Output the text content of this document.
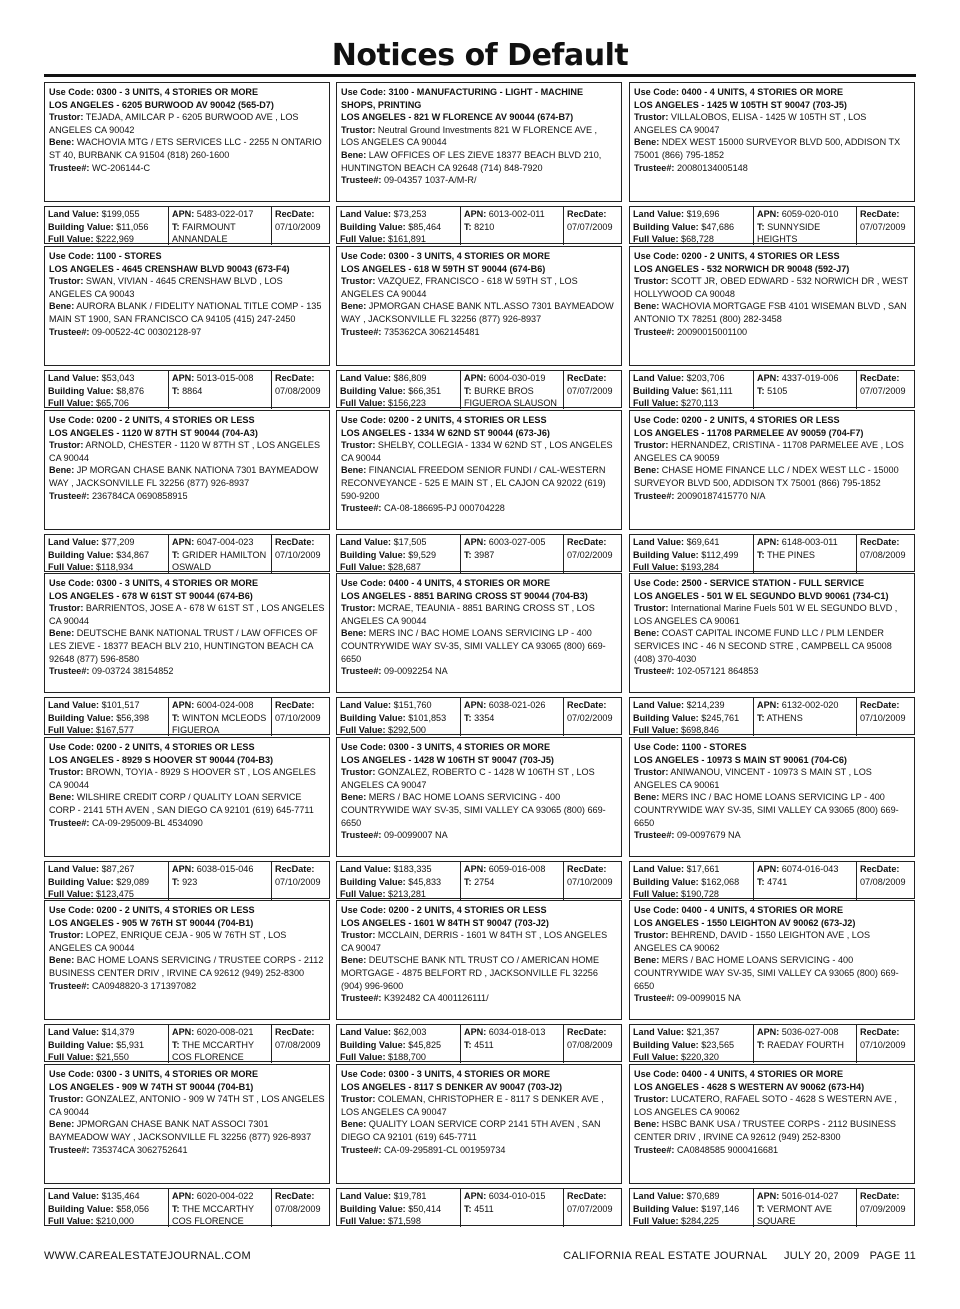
Notices of Default
Use Code: 0300 - 3 UNITS, 4 STORIES OR MORE
LOS ANGELES - 6205 BURWOOD AV 90042 (565-D7)
Trustor: TEJADA, AMILCAR P - 6205 BURWOOD AVE , LOS ANGELES CA 90042
Bene: WACHOVIA MTG / ETS SERVICES LLC - 2255 N ONTARIO ST 40, BURBANK CA 91504 (818) 260-1600
Trustee#: WC-206144-C
Land Value: $199,055
Building Value: $11,056
Full Value: $222,969
APN: 5483-022-017
T: FAIRMOUNT ANNANDALE
RecDate:
07/10/2009
Use Code: 1100 - STORES
LOS ANGELES - 4645 CRENSHAW BLVD 90043 (673-F4)
Trustor: SWAN, VIVIAN - 4645 CRENSHAW BLVD , LOS ANGELES CA 90043
Bene: AURORA BLANK / FIDELITY NATIONAL TITLE COMP - 135 MAIN ST 1900, SAN FRANCISCO CA 94105 (415) 247-2450
Trustee#: 09-00522-4C 00302128-97
Land Value: $53,043
Building Value: $8,876
Full Value: $65,706
APN: 5013-015-008
T: 8864
RecDate:
07/08/2009
Use Code: 0200 - 2 UNITS, 4 STORIES OR LESS
LOS ANGELES - 1120 W 87TH ST 90044 (704-A3)
Trustor: ARNOLD, CHESTER - 1120 W 87TH ST , LOS ANGELES CA 90044
Bene: JP MORGAN CHASE BANK NATIONA 7301 BAYMEADOW WAY , JACKSONVILLE FL 32256 (877) 926-8937
Trustee#: 236784CA 0690858915
Land Value: $77,209
Building Value: $34,867
Full Value: $118,934
APN: 6047-004-023
T: GRIDER HAMILTON OSWALD
RecDate:
07/10/2009
Use Code: 0300 - 3 UNITS, 4 STORIES OR MORE
LOS ANGELES - 678 W 61ST ST 90044 (674-B6)
Trustor: BARRIENTOS, JOSE A - 678 W 61ST ST , LOS ANGELES CA 90044
Bene: DEUTSCHE BANK NATIONAL TRUST / LAW OFFICES OF LES ZIEVE - 18377 BEACH BLV 210, HUNTINGTON BEACH CA 92648 (877) 596-8580
Trustee#: 09-03724 38154852
Land Value: $101,517
Building Value: $56,398
Full Value: $167,577
APN: 6004-024-008
T: WINTON MCLEODS FIGUEROA
RecDate:
07/10/2009
Use Code: 0200 - 2 UNITS, 4 STORIES OR LESS
LOS ANGELES - 8929 S HOOVER ST 90044 (704-B3)
Trustor: BROWN, TOYIA - 8929 S HOOVER ST , LOS ANGELES CA 90044
Bene: WILSHIRE CREDIT CORP / QUALITY LOAN SERVICE CORP - 2141 5TH AVEN , SAN DIEGO CA 92101 (619) 645-7711
Trustee#: CA-09-295009-BL 4534090
Land Value: $87,267
Building Value: $29,089
Full Value: $123,475
APN: 6038-015-046
T: 923
RecDate:
07/10/2009
Use Code: 0200 - 2 UNITS, 4 STORIES OR LESS
LOS ANGELES - 905 W 76TH ST 90044 (704-B1)
Trustor: LOPEZ, ENRIQUE CEJA - 905 W 76TH ST , LOS ANGELES CA 90044
Bene: BAC HOME LOANS SERVICING / TRUSTEE CORPS - 2112 BUSINESS CENTER DRIV , IRVINE CA 92612 (949) 252-8300
Trustee#: CA0948820-3 171397082
Land Value: $14,379
Building Value: $5,931
Full Value: $21,550
APN: 6020-008-021
T: THE MCCARTHY COS FLORENCE
RecDate:
07/08/2009
Use Code: 0300 - 3 UNITS, 4 STORIES OR MORE
LOS ANGELES - 909 W 74TH ST 90044 (704-B1)
Trustor: GONZALEZ, ANTONIO - 909 W 74TH ST , LOS ANGELES CA 90044
Bene: JPMORGAN CHASE BANK NAT ASSOCI 7301 BAYMEADOW WAY , JACKSONVILLE FL 32256 (877) 926-8937
Trustee#: 735374CA 3062752641
Land Value: $135,464
Building Value: $58,056
Full Value: $210,000
APN: 6020-004-022
T: THE MCCARTHY COS FLORENCE
RecDate:
07/08/2009
Use Code: 3100 - MANUFACTURING - LIGHT - MACHINE SHOPS, PRINTING
LOS ANGELES - 821 W FLORENCE AV 90044 (674-B7)
Trustor: Neutral Ground Investments 821 W FLORENCE AVE , LOS ANGELES CA 90044
Bene: LAW OFFICES OF LES ZIEVE 18377 BEACH BLVD 210, HUNTINGTON BEACH CA 92648 (714) 848-7920
Trustee#: 09-04357 1037-A/M-R/
Land Value: $73,253
Building Value: $85,464
Full Value: $161,891
APN: 6013-002-011
T: 8210
RecDate:
07/07/2009
Use Code: 0300 - 3 UNITS, 4 STORIES OR MORE
LOS ANGELES - 618 W 59TH ST 90044 (674-B6)
Trustor: VAZQUEZ, FRANCISCO - 618 W 59TH ST , LOS ANGELES CA 90044
Bene: JPMORGAN CHASE BANK NTL.ASSO 7301 BAYMEADOW WAY , JACKSONVILLE FL 32256 (877) 926-8937
Trustee#: 735362CA 3062145481
Land Value: $86,809
Building Value: $66,351
Full Value: $156,223
APN: 6004-030-019
T: BURKE BROS FIGUEROA SLAUSON
RecDate:
07/07/2009
Use Code: 0200 - 2 UNITS, 4 STORIES OR LESS
LOS ANGELES - 1334 W 62ND ST 90044 (673-J6)
Trustor: SHELBY, COLLEGIA - 1334 W 62ND ST , LOS ANGELES CA 90044
Bene: FINANCIAL FREEDOM SENIOR FUNDI / CAL-WESTERN RECONVEYANCE - 525 E MAIN ST , EL CAJON CA 92022 (619) 590-9200
Trustee#: CA-08-186695-PJ 000704228
Land Value: $17,505
Building Value: $9,529
Full Value: $28,687
APN: 6003-027-005
T: 3987
RecDate:
07/02/2009
Use Code: 0400 - 4 UNITS, 4 STORIES OR MORE
LOS ANGELES - 8851 BARING CROSS ST 90044 (704-B3)
Trustor: MCRAE, TEAUNIA - 8851 BARING CROSS ST , LOS ANGELES CA 90044
Bene: MERS INC / BAC HOME LOANS SERVICING LP - 400 COUNTRYWIDE WAY SV-35, SIMI VALLEY CA 93065 (800) 669-6650
Trustee#: 09-0092254 NA
Land Value: $151,760
Building Value: $101,853
Full Value: $292,500
APN: 6038-021-026
T: 3354
RecDate:
07/02/2009
Use Code: 0300 - 3 UNITS, 4 STORIES OR MORE
LOS ANGELES - 1428 W 106TH ST 90047 (703-J5)
Trustor: GONZALEZ, ROBERTO C - 1428 W 106TH ST , LOS ANGELES CA 90047
Bene: MERS / BAC HOME LOANS SERVICING - 400 COUNTRYWIDE WAY SV-35, SIMI VALLEY CA 93065 (800) 669-6650
Trustee#: 09-0099007 NA
Land Value: $183,335
Building Value: $45,833
Full Value: $213,281
APN: 6059-016-008
T: 2754
RecDate:
07/10/2009
Use Code: 0200 - 2 UNITS, 4 STORIES OR LESS
LOS ANGELES - 1601 W 84TH ST 90047 (703-J2)
Trustor: MCCLAIN, DERRIS - 1601 W 84TH ST , LOS ANGELES CA 90047
Bene: DEUTSCHE BANK NTL TRUST CO / AMERICAN HOME MORTGAGE - 4875 BELFORT RD , JACKSONVILLE FL 32256 (904) 996-9600
Trustee#: K392482 CA 4001126111/
Land Value: $62,003
Building Value: $45,825
Full Value: $188,700
APN: 6034-018-013
T: 4511
RecDate:
07/08/2009
Use Code: 0300 - 3 UNITS, 4 STORIES OR MORE
LOS ANGELES - 8117 S DENKER AV 90047 (703-J2)
Trustor: COLEMAN, CHRISTOPHER E - 8117 S DENKER AVE , LOS ANGELES CA 90047
Bene: QUALITY LOAN SERVICE CORP 2141 5TH AVEN , SAN DIEGO CA 92101 (619) 645-7711
Trustee#: CA-09-295891-CL 001959734
Land Value: $19,781
Building Value: $50,414
Full Value: $71,598
APN: 6034-010-015
T: 4511
RecDate:
07/07/2009
Use Code: 0400 - 4 UNITS, 4 STORIES OR MORE
LOS ANGELES - 1425 W 105TH ST 90047 (703-J5)
Trustor: VILLALOBOS, ELISA - 1425 W 105TH ST , LOS ANGELES CA 90047
Bene: NDEX WEST 15000 SURVEYOR BLVD 500, ADDISON TX 75001 (866) 795-1852
Trustee#: 20080134005148
Land Value: $19,696
Building Value: $47,686
Full Value: $68,728
APN: 6059-020-010
T: SUNNYSIDE HEIGHTS
RecDate:
07/07/2009
Use Code: 0200 - 2 UNITS, 4 STORIES OR LESS
LOS ANGELES - 532 NORWICH DR 90048 (592-J7)
Trustor: SCOTT JR, OBED EDWARD - 532 NORWICH DR , WEST HOLLYWOOD CA 90048
Bene: WACHOVIA MORTGAGE FSB 4101 WISEMAN BLVD , SAN ANTONIO TX 78251 (800) 282-3458
Trustee#: 20090015001100
Land Value: $203,706
Building Value: $61,111
Full Value: $270,113
APN: 4337-019-006
T: 5105
RecDate:
07/07/2009
Use Code: 0200 - 2 UNITS, 4 STORIES OR LESS
LOS ANGELES - 11708 PARMELEE AV 90059 (704-F7)
Trustor: HERNANDEZ, CRISTINA - 11708 PARMELEE AVE , LOS ANGELES CA 90059
Bene: CHASE HOME FINANCE LLC / NDEX WEST LLC - 15000 SURVEYOR BLVD 500, ADDISON TX 75001 (866) 795-1852
Trustee#: 20090187415770 N/A
Land Value: $69,641
Building Value: $112,499
Full Value: $193,284
APN: 6148-003-011
T: THE PINES
RecDate:
07/08/2009
Use Code: 2500 - SERVICE STATION - FULL SERVICE
LOS ANGELES - 501 W EL SEGUNDO BLVD 90061 (734-C1)
Trustor: International Marine Fuels 501 W EL SEGUNDO BLVD , LOS ANGELES CA 90061
Bene: COAST CAPITAL INCOME FUND LLC / PLM LENDER SERVICES INC - 46 N SECOND STRE , CAMPBELL CA 95008 (408) 370-4030
Trustee#: 102-057121 864853
Land Value: $214,239
Building Value: $245,761
Full Value: $698,846
APN: 6132-002-020
T: ATHENS
RecDate:
07/10/2009
Use Code: 1100 - STORES
LOS ANGELES - 10973 S MAIN ST 90061 (704-C6)
Trustor: ANIWANOU, VINCENT - 10973 S MAIN ST , LOS ANGELES CA 90061
Bene: MERS INC / BAC HOME LOANS SERVICING LP - 400 COUNTRYWIDE WAY SV-35, SIMI VALLEY CA 93065 (800) 669-6650
Trustee#: 09-0097679 NA
Land Value: $17,661
Building Value: $162,068
Full Value: $190,728
APN: 6074-016-043
T: 4741
RecDate:
07/08/2009
Use Code: 0400 - 4 UNITS, 4 STORIES OR MORE
LOS ANGELES - 1550 LEIGHTON AV 90062 (673-J2)
Trustor: BEHREND, DAVID - 1550 LEIGHTON AVE , LOS ANGELES CA 90062
Bene: MERS / BAC HOME LOANS SERVICING - 400 COUNTRYWIDE WAY SV-35, SIMI VALLEY CA 93065 (800) 669-6650
Trustee#: 09-0099015 NA
Land Value: $21,357
Building Value: $23,565
Full Value: $220,320
APN: 5036-027-008
T: RAEDAY FOURTH
RecDate:
07/10/2009
Use Code: 0400 - 4 UNITS, 4 STORIES OR MORE
LOS ANGELES - 4628 S WESTERN AV 90062 (673-H4)
Trustor: LUCATERO, RAFAEL SOTO - 4628 S WESTERN AVE , LOS ANGELES CA 90062
Bene: HSBC BANK USA / TRUSTEE CORPS - 2112 BUSINESS CENTER DRIV , IRVINE CA 92612 (949) 252-8300
Trustee#: CA0848585 9000416681
Land Value: $70,689
Building Value: $197,146
Full Value: $284,225
APN: 5016-014-027
T: VERMONT AVE SQUARE
RecDate:
07/09/2009
WWW.CAREALESTATEJOURNAL.COM	CALIFORNIA REAL ESTATE JOURNAL     JULY 20, 2009   PAGE 11
